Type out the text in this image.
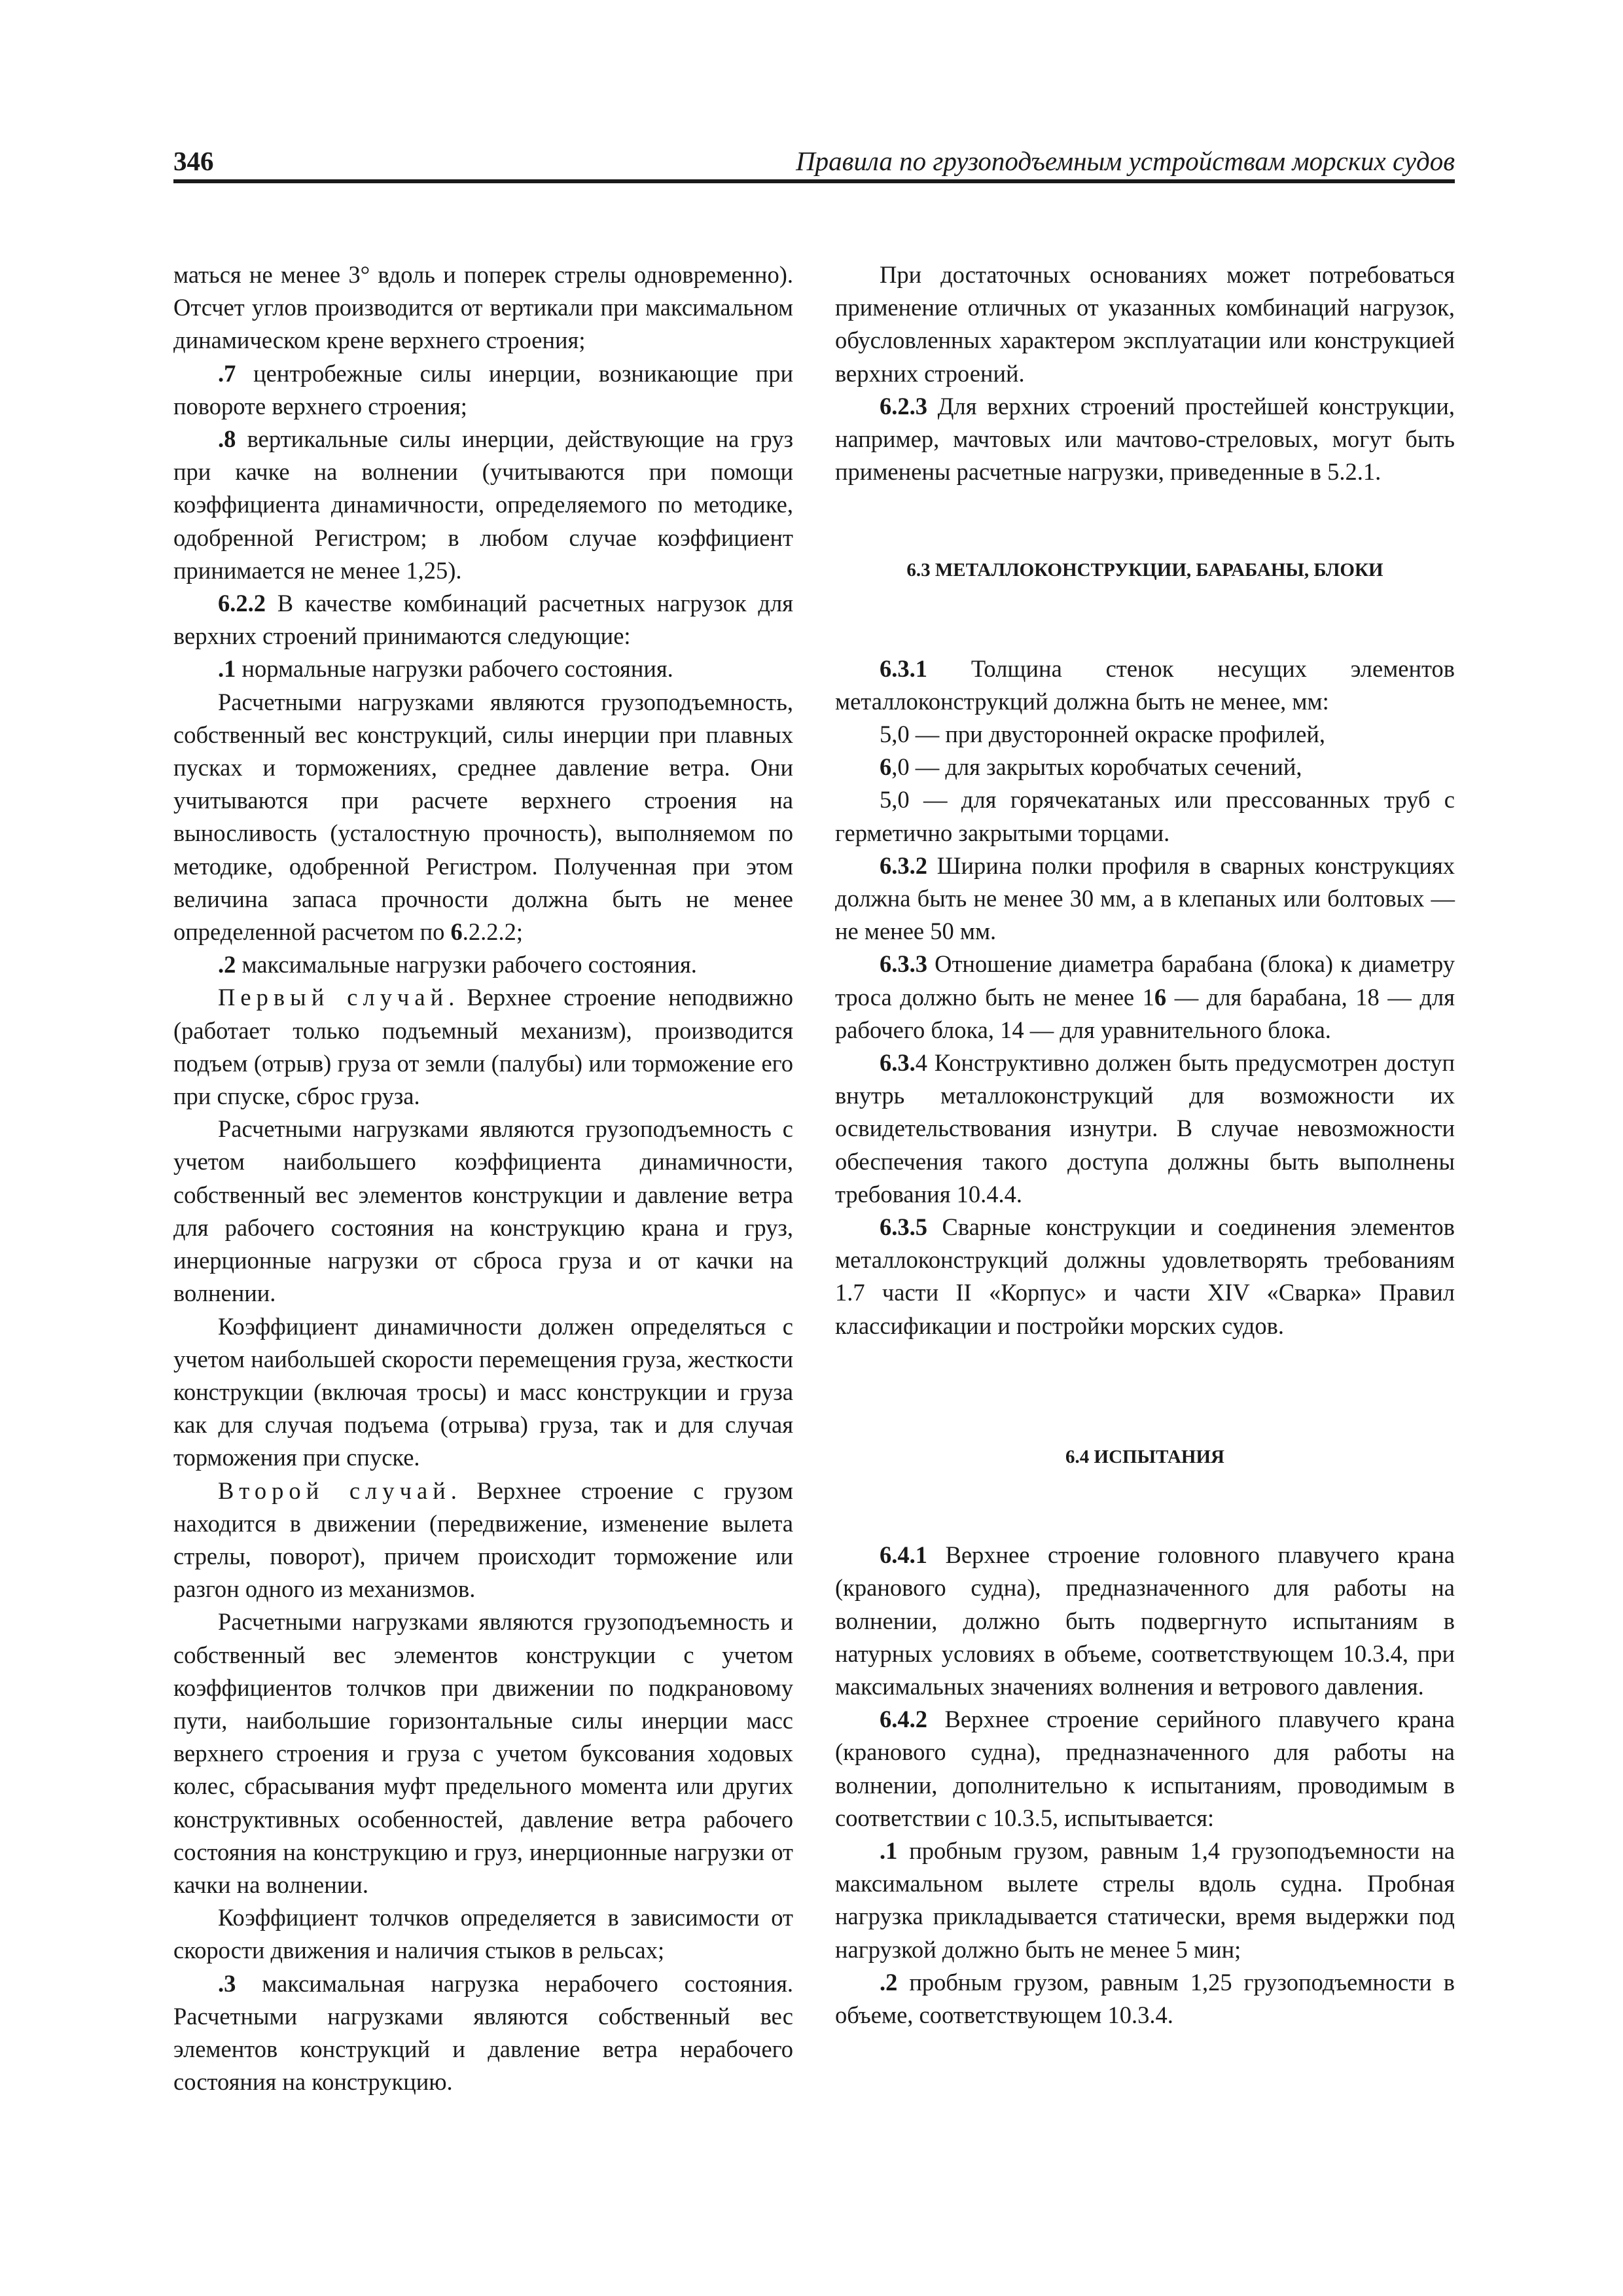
346	Правила по грузоподъемным устройствам морских судов

маться не менее 3° вдоль и поперек стрелы одновременно). Отсчет углов производится от вертикали при максимальном динамическом крене верхнего строения;

.7 центробежные силы инерции, возникающие при повороте верхнего строения;

.8 вертикальные силы инерции, действующие на груз при качке на волнении (учитываются при помощи коэффициента динамичности, определяемого по методике, одобренной Регистром; в любом случае коэффициент принимается не менее 1,25).

6.2.2 В качестве комбинаций расчетных нагрузок для верхних строений принимаются следующие:

.1 нормальные нагрузки рабочего состояния.

Расчетными нагрузками являются грузоподъемность, собственный вес конструкций, силы инерции при плавных пусках и торможениях, среднее давление ветра. Они учитываются при расчете верхнего строения на выносливость (усталостную прочность), выполняемом по методике, одобренной Регистром. Полученная при этом величина запаса прочности должна быть не менее определенной расчетом по 6.2.2.2;

.2 максимальные нагрузки рабочего состояния.

Первый случай. Верхнее строение неподвижно (работает только подъемный механизм), производится подъем (отрыв) груза от земли (палубы) или торможение его при спуске, сброс груза.

Расчетными нагрузками являются грузоподъемность с учетом наибольшего коэффициента динамичности, собственный вес элементов конструкции и давление ветра для рабочего состояния на конструкцию крана и груз, инерционные нагрузки от сброса груза и от качки на волнении.

Коэффициент динамичности должен определяться с учетом наибольшей скорости перемещения груза, жесткости конструкции (включая тросы) и масс конструкции и груза как для случая подъема (отрыва) груза, так и для случая торможения при спуске.

Второй случай. Верхнее строение с грузом находится в движении (передвижение, изменение вылета стрелы, поворот), причем происходит торможение или разгон одного из механизмов.

Расчетными нагрузками являются грузоподъемность и собственный вес элементов конструкции с учетом коэффициентов толчков при движении по подкрановому пути, наибольшие горизонтальные силы инерции масс верхнего строения и груза с учетом буксования ходовых колес, сбрасывания муфт предельного момента или других конструктивных особенностей, давление ветра рабочего состояния на конструкцию и груз, инерционные нагрузки от качки на волнении.

Коэффициент толчков определяется в зависимости от скорости движения и наличия стыков в рельсах;

.3 максимальная нагрузка нерабочего состояния. Расчетными нагрузками являются собственный вес элементов конструкций и давление ветра нерабочего состояния на конструкцию.

При достаточных основаниях может потребоваться применение отличных от указанных комбинаций нагрузок, обусловленных характером эксплуатации или конструкцией верхних строений.

6.2.3 Для верхних строений простейшей конструкции, например, мачтовых или мачтово-стреловых, могут быть применены расчетные нагрузки, приведенные в 5.2.1.

6.3 МЕТАЛЛОКОНСТРУКЦИИ, БАРАБАНЫ, БЛОКИ

6.3.1 Толщина стенок несущих элементов металлоконструкций должна быть не менее, мм:

5,0 — при двусторонней окраске профилей,

6,0 — для закрытых коробчатых сечений,

5,0 — для горячекатаных или прессованных труб с герметично закрытыми торцами.

6.3.2 Ширина полки профиля в сварных конструкциях должна быть не менее 30 мм, а в клепаных или болтовых — не менее 50 мм.

6.3.3 Отношение диаметра барабана (блока) к диаметру троса должно быть не менее 16 — для барабана, 18 — для рабочего блока, 14 — для уравнительного блока.

6.3.4 Конструктивно должен быть предусмотрен доступ внутрь металлоконструкций для возможности их освидетельствования изнутри. В случае невозможности обеспечения такого доступа должны быть выполнены требования 10.4.4.

6.3.5 Сварные конструкции и соединения элементов металлоконструкций должны удовлетворять требованиям 1.7 части II «Корпус» и части XIV «Сварка» Правил классификации и постройки морских судов.

6.4 ИСПЫТАНИЯ

6.4.1 Верхнее строение головного плавучего крана (кранового судна), предназначенного для работы на волнении, должно быть подвергнуто испытаниям в натурных условиях в объеме, соответствующем 10.3.4, при максимальных значениях волнения и ветрового давления.

6.4.2 Верхнее строение серийного плавучего крана (кранового судна), предназначенного для работы на волнении, дополнительно к испытаниям, проводимым в соответствии с 10.3.5, испытывается:

.1 пробным грузом, равным 1,4 грузоподъемности на максимальном вылете стрелы вдоль судна. Пробная нагрузка прикладывается статически, время выдержки под нагрузкой должно быть не менее 5 мин;

.2 пробным грузом, равным 1,25 грузоподъемности в объеме, соответствующем 10.3.4.
